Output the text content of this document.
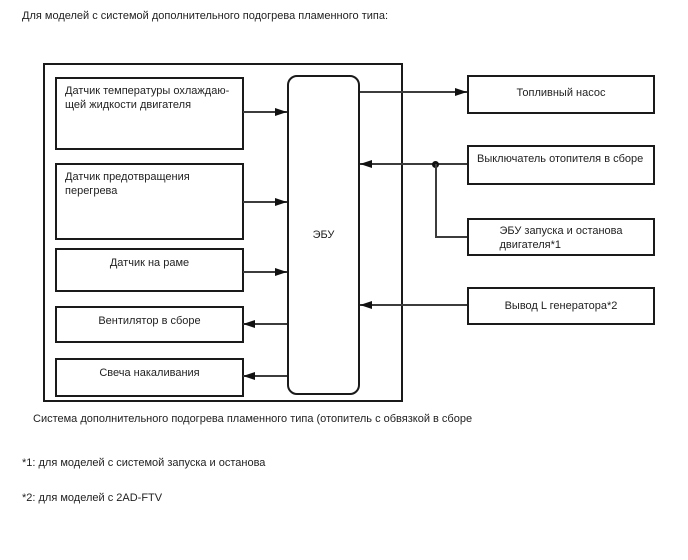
Для моделей с системой дополнительного подогрева пламенного типа:
Датчик температуры охлаждаю-
щей жидкости двигателя
Датчик предотвращения
перегрева
Датчик на раме
Вентилятор в сборе
Свеча накаливания
ЭБУ
Топливный насос
Выключатель отопителя в сборе
ЭБУ запуска и останова
двигателя*1
Вывод L генератора*2
Система дополнительного подогрева пламенного типа (отопитель с обвязкой в сборе
*1: для моделей с системой запуска и останова
*2: для моделей с 2AD-FTV
